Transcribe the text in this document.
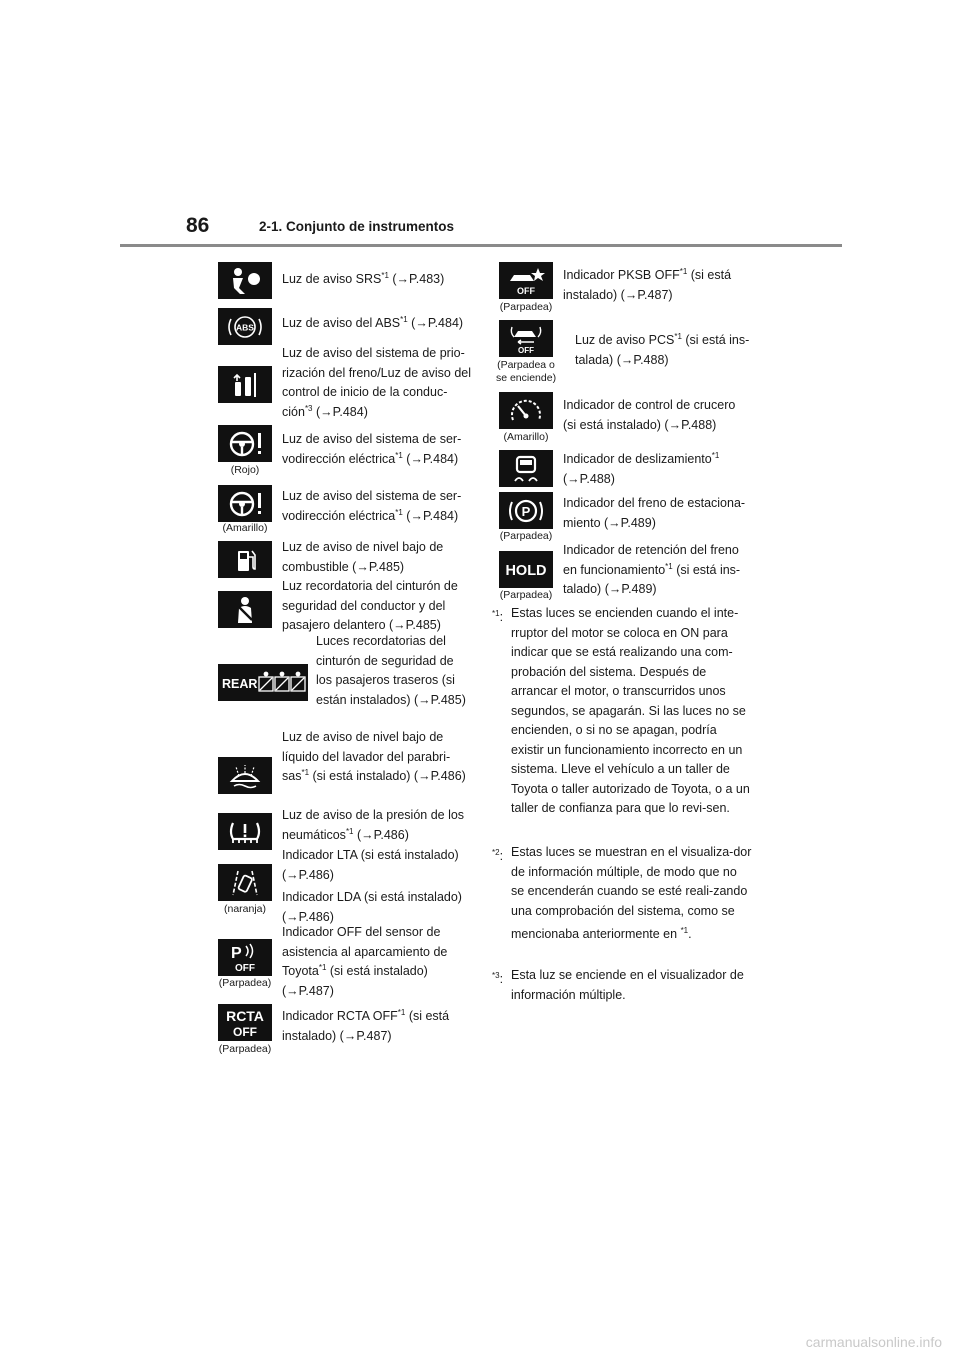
86	2-1. Conjunto de instrumentos
Luz de aviso SRS$^{*1}$ (→P.483)
ABS Luz de aviso del ABS$^{*1}$ (→P.484)
Luz de aviso del sistema de prio-rización del freno/Luz de aviso del control de inicio de la conduc-ción$^{*3}$ (→P.484)
(Rojo)
Luz de aviso del sistema de ser-vodirección eléctrica$^{*1}$ (→P.484)
(Amarillo)
Luz de aviso del sistema de ser-vodirección eléctrica$^{*1}$ (→P.484)
Luz de aviso de nivel bajo de combustible (→P.485)
Luz recordatoria del cinturón de seguridad del conductor y del pasajero delantero (→P.485)
REAR
Luces recordatorias del cinturón de seguridad de los pasajeros traseros (si están instalados) (→P.485)
Luz de aviso de nivel bajo de líquido del lavador del parabri-sas$^{*1}$ (si está instalado) (→P.486)
Luz de aviso de la presión de los neumáticos$^{*1}$ (→P.486)
(naranja)
Indicador LTA (si está instalado) (→P.486)
Indicador LDA (si está instalado) (→P.486)
P
OFF
(Parpadea)
Indicador OFF del sensor de asistencia al aparcamiento de Toyota$^{*1}$ (si está instalado) (→P.487)
RCTA
OFF
(Parpadea)
Indicador RCTA OFF$^{*1}$ (si está instalado) (→P.487)
OFF
(Parpadea)
Indicador PKSB OFF$^{*1}$ (si está instalado) (→P.487)
OFF
(Parpadea o se enciende)
Luz de aviso PCS$^{*1}$ (si está ins-talada) (→P.488)
(Amarillo)
Indicador de control de crucero (si está instalado) (→P.488)
Indicador de deslizamiento$^{*1}$ (→P.488)
P
(Parpadea)
Indicador del freno de estaciona-miento (→P.489)
HOLD
(Parpadea)
Indicador de retención del freno en funcionamiento$^{*1}$ (si está ins-talado) (→P.489)
$^{*1}$: Estas luces se encienden cuando el inte-rruptor del motor se coloca en ON para indicar que se está realizando una com-probación del sistema. Después de arrancar el motor, o transcurridos unos segundos, se apagarán. Si las luces no se encienden, o si no se apagan, podría existir un funcionamiento incorrecto en un sistema. Lleve el vehículo a un taller de Toyota o taller autorizado de Toyota, o a un taller de confianza para que lo revi-sen.
$^{*2}$: Estas luces se muestran en el visualiza-dor de información múltiple, de modo que no se encenderán cuando se esté reali-zando una comprobación del sistema, como se mencionaba anteriormente en $^{*1}$.
$^{*3}$: Esta luz se enciende en el visualizador de información múltiple.
carmanualsonline.info
